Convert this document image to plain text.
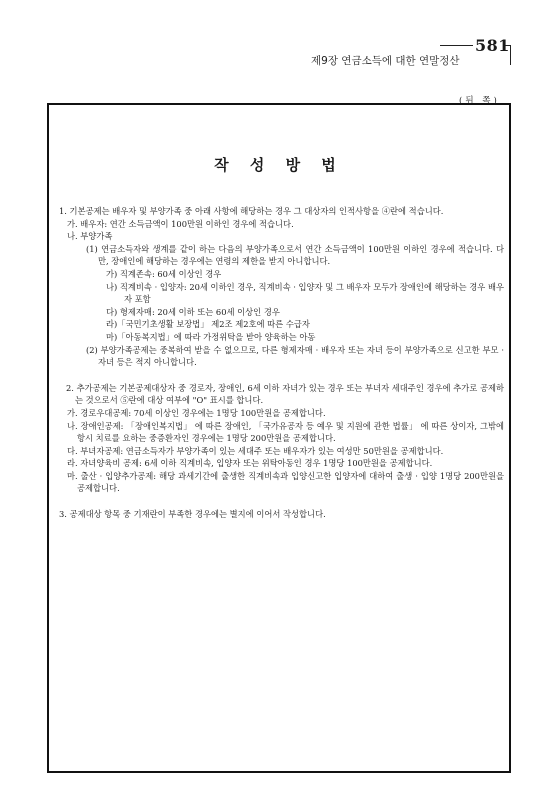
581
제9장 연금소득에 대한 연말정산
(뒤 쪽)
작 성 방 법

1. 기본공제는 배우자 및 부양가족 중 아래 사항에 해당하는 경우 그 대상자의 인적사항을 ④란에 적습니다.

가. 배우자: 연간 소득금액이 100만원 이하인 경우에 적습니다.

나. 부양가족

(1) 연금소득자와 생계를 같이 하는 다음의 부양가족으로서 연간 소득금액이 100만원 이하인 경우에 적습니다. 다만, 장애인에 해당하는 경우에는 연령의 제한을 받지 아니합니다.

가) 직계존속: 60세 이상인 경우

나) 직계비속 · 입양자: 20세 이하인 경우, 직계비속 · 입양자 및 그 배우자 모두가 장애인에 해당하는 경우 배우자 포함

다) 형제자매: 20세 이하 또는 60세 이상인 경우

라)「국민기초생활 보장법」 제2조 제2호에 따른 수급자

마)「아동복지법」에 따라 가정위탁을 받아 양육하는 아동

(2) 부양가족공제는 중복하여 받을 수 없으므로, 다른 형제자매 · 배우자 또는 자녀 등이 부양가족으로 신고한 부모 · 자녀 등은 적지 아니합니다.

2. 추가공제는 기본공제대상자 중 경로자, 장애인, 6세 이하 자녀가 있는 경우 또는 부녀자 세대주인 경우에 추가로 공제하는 것으로서 ⑤란에 대상 여부에 "O" 표시를 합니다.

가. 경로우대공제: 70세 이상인 경우에는 1명당 100만원을 공제합니다.

나. 장애인공제: 「장애인복지법」 에 따른 장애인, 「국가유공자 등 예우 및 지원에 관한 법률」 에 따른 상이자, 그밖에 항시 치료를 요하는 중증환자인 경우에는 1명당 200만원을 공제합니다.

다. 부녀자공제: 연금소득자가 부양가족이 있는 세대주 또는 배우자가 있는 여성만 50만원을 공제합니다.

라. 자녀양육비 공제: 6세 이하 직계비속, 입양자 또는 위탁아동인 경우 1명당 100만원을 공제합니다.

마. 출산 · 입양추가공제: 해당 과세기간에 출생한 직계비속과 입양신고한 입양자에 대하여 출생 · 입양 1명당 200만원을 공제합니다.

3. 공제대상 항목 중 기재란이 부족한 경우에는 별지에 이어서 작성합니다.
